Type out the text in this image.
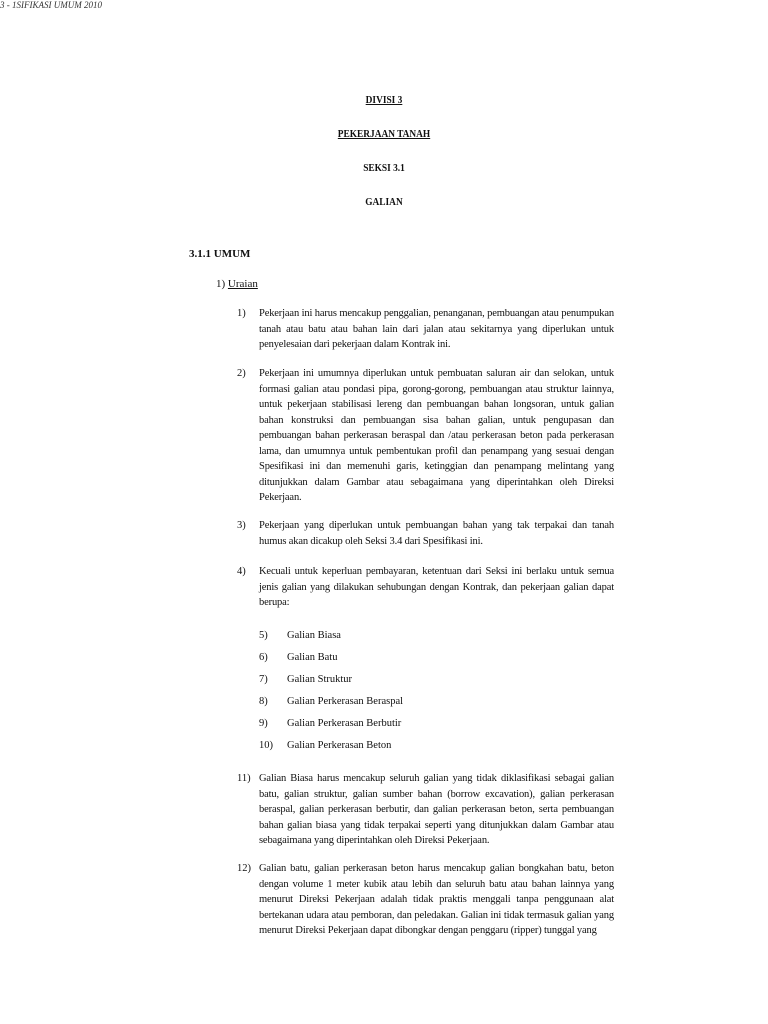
3 - 1SIFIKASI UMUM 2010
DIVISI 3
PEKERJAAN TANAH
SEKSI 3.1
GALIAN
3.1.1 UMUM
1) Uraian
1)	Pekerjaan ini harus mencakup penggalian, penanganan, pembuangan atau penumpukan tanah atau batu atau bahan lain dari jalan atau sekitarnya yang diperlukan untuk penyelesaian dari pekerjaan dalam Kontrak ini.
2)	Pekerjaan ini umumnya diperlukan untuk pembuatan saluran air dan selokan, untuk formasi galian atau pondasi pipa, gorong-gorong, pembuangan atau struktur lainnya, untuk pekerjaan stabilisasi lereng dan pembuangan bahan longsoran, untuk galian bahan konstruksi dan pembuangan sisa bahan galian, untuk pengupasan dan pembuangan bahan perkerasan beraspal dan /atau perkerasan beton pada perkerasan lama, dan umumnya untuk pembentukan profil dan penampang yang sesuai dengan Spesifikasi ini dan memenuhi garis, ketinggian dan penampang melintang yang ditunjukkan dalam Gambar atau sebagaimana yang diperintahkan oleh Direksi Pekerjaan.
3)	Pekerjaan yang diperlukan untuk pembuangan bahan yang tak terpakai dan tanah humus akan dicakup oleh Seksi 3.4 dari Spesifikasi ini.
4)	Kecuali untuk keperluan pembayaran, ketentuan dari Seksi ini berlaku untuk semua jenis galian yang dilakukan sehubungan dengan Kontrak, dan pekerjaan galian dapat berupa:
5) Galian Biasa
6) Galian Batu
7) Galian Struktur
8) Galian Perkerasan Beraspal
9) Galian Perkerasan Berbutir
10) Galian Perkerasan Beton
11) Galian Biasa harus mencakup seluruh galian yang tidak diklasifikasi sebagai galian batu, galian struktur, galian sumber bahan (borrow excavation), galian perkerasan beraspal, galian perkerasan berbutir, dan galian perkerasan beton, serta pembuangan bahan galian biasa yang tidak terpakai seperti yang ditunjukkan dalam Gambar atau sebagaimana yang diperintahkan oleh Direksi Pekerjaan.
12) Galian batu, galian perkerasan beton harus mencakup galian bongkahan batu, beton dengan volume 1 meter kubik atau lebih dan seluruh batu atau bahan lainnya yang menurut Direksi Pekerjaan adalah tidak praktis menggali tanpa penggunaan alat bertekanan udara atau pemboran, dan peledakan. Galian ini tidak termasuk galian yang menurut Direksi Pekerjaan dapat dibongkar dengan penggaru (ripper) tunggal yang
